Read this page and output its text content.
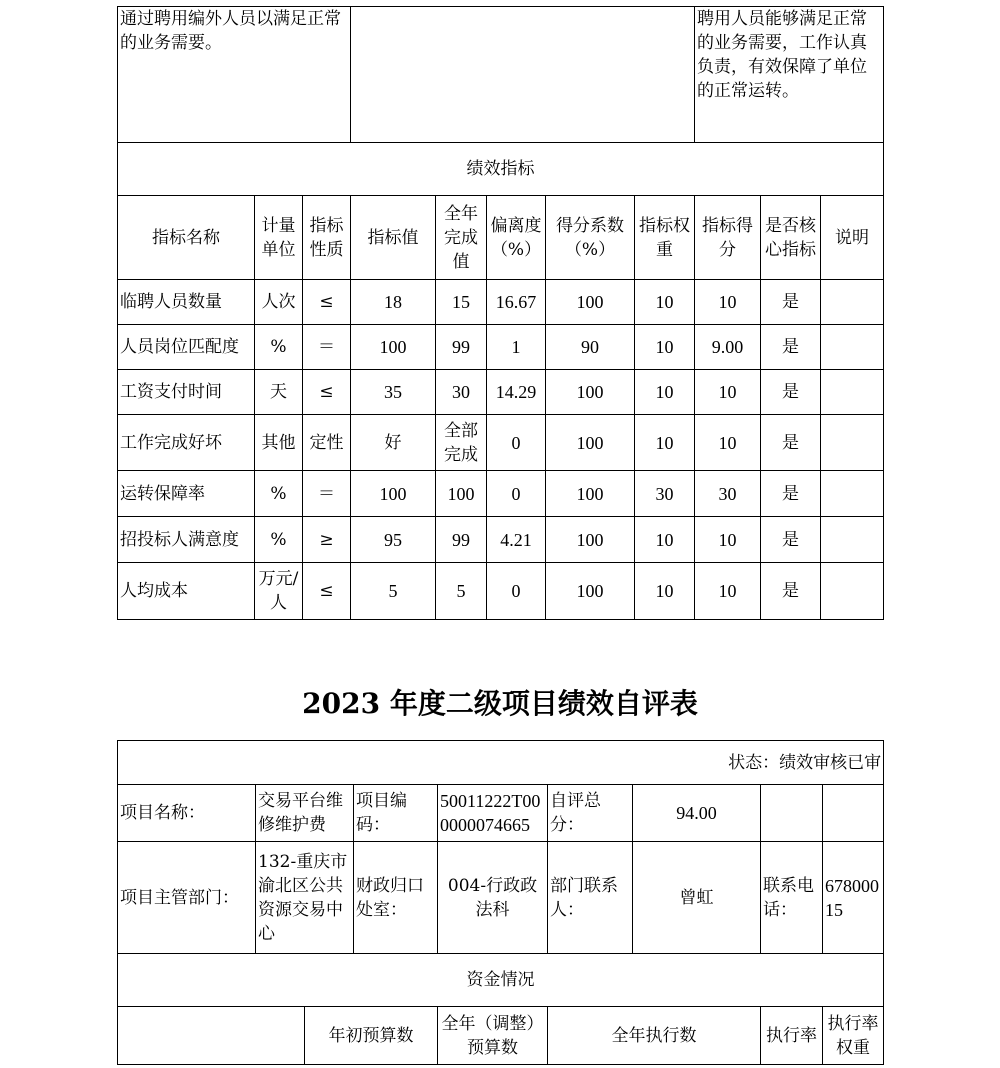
通过聘用编外人员以满足正常的业务需要。								聘用人员能够满足正常的业务需要，工作认真负责，有效保障了单位的正常运转。		
绩效指标										
指标名称	计量单位	指标性质	指标值	全年完成值	偏离度（%）	得分系数（%）	指标权重	指标得分	是否核心指标	说明
临聘人员数量	人次	≤	18	15	16.67	100	10	10	是	
人员岗位匹配度	%	＝	100	99	1	90	10	9.00	是	
工资支付时间	天	≤	35	30	14.29	100	10	10	是	
工作完成好坏	其他	定性	好	全部完成	0	100	10	10	是	
运转保障率	%	＝	100	100	0	100	30	30	是	
招投标人满意度	%	≥	95	99	4.21	100	10	10	是	
人均成本	万元/人	≤	5	5	0	100	10	10	是	
2023 年度二级项目绩效自评表
状态：绩效审核已审								
项目名称：	交易平台维修维护费		项目编码：	50011222T000000074665	自评总分：	94.00		
项目主管部门：	132-重庆市渝北区公共资源交易中心		财政归口处室：	004-行政政法科	部门联系人：	曾虹	联系电话：	67800015
资金情况								
		年初预算数		全年（调整）预算数	全年执行数		执行率	执行率权重
